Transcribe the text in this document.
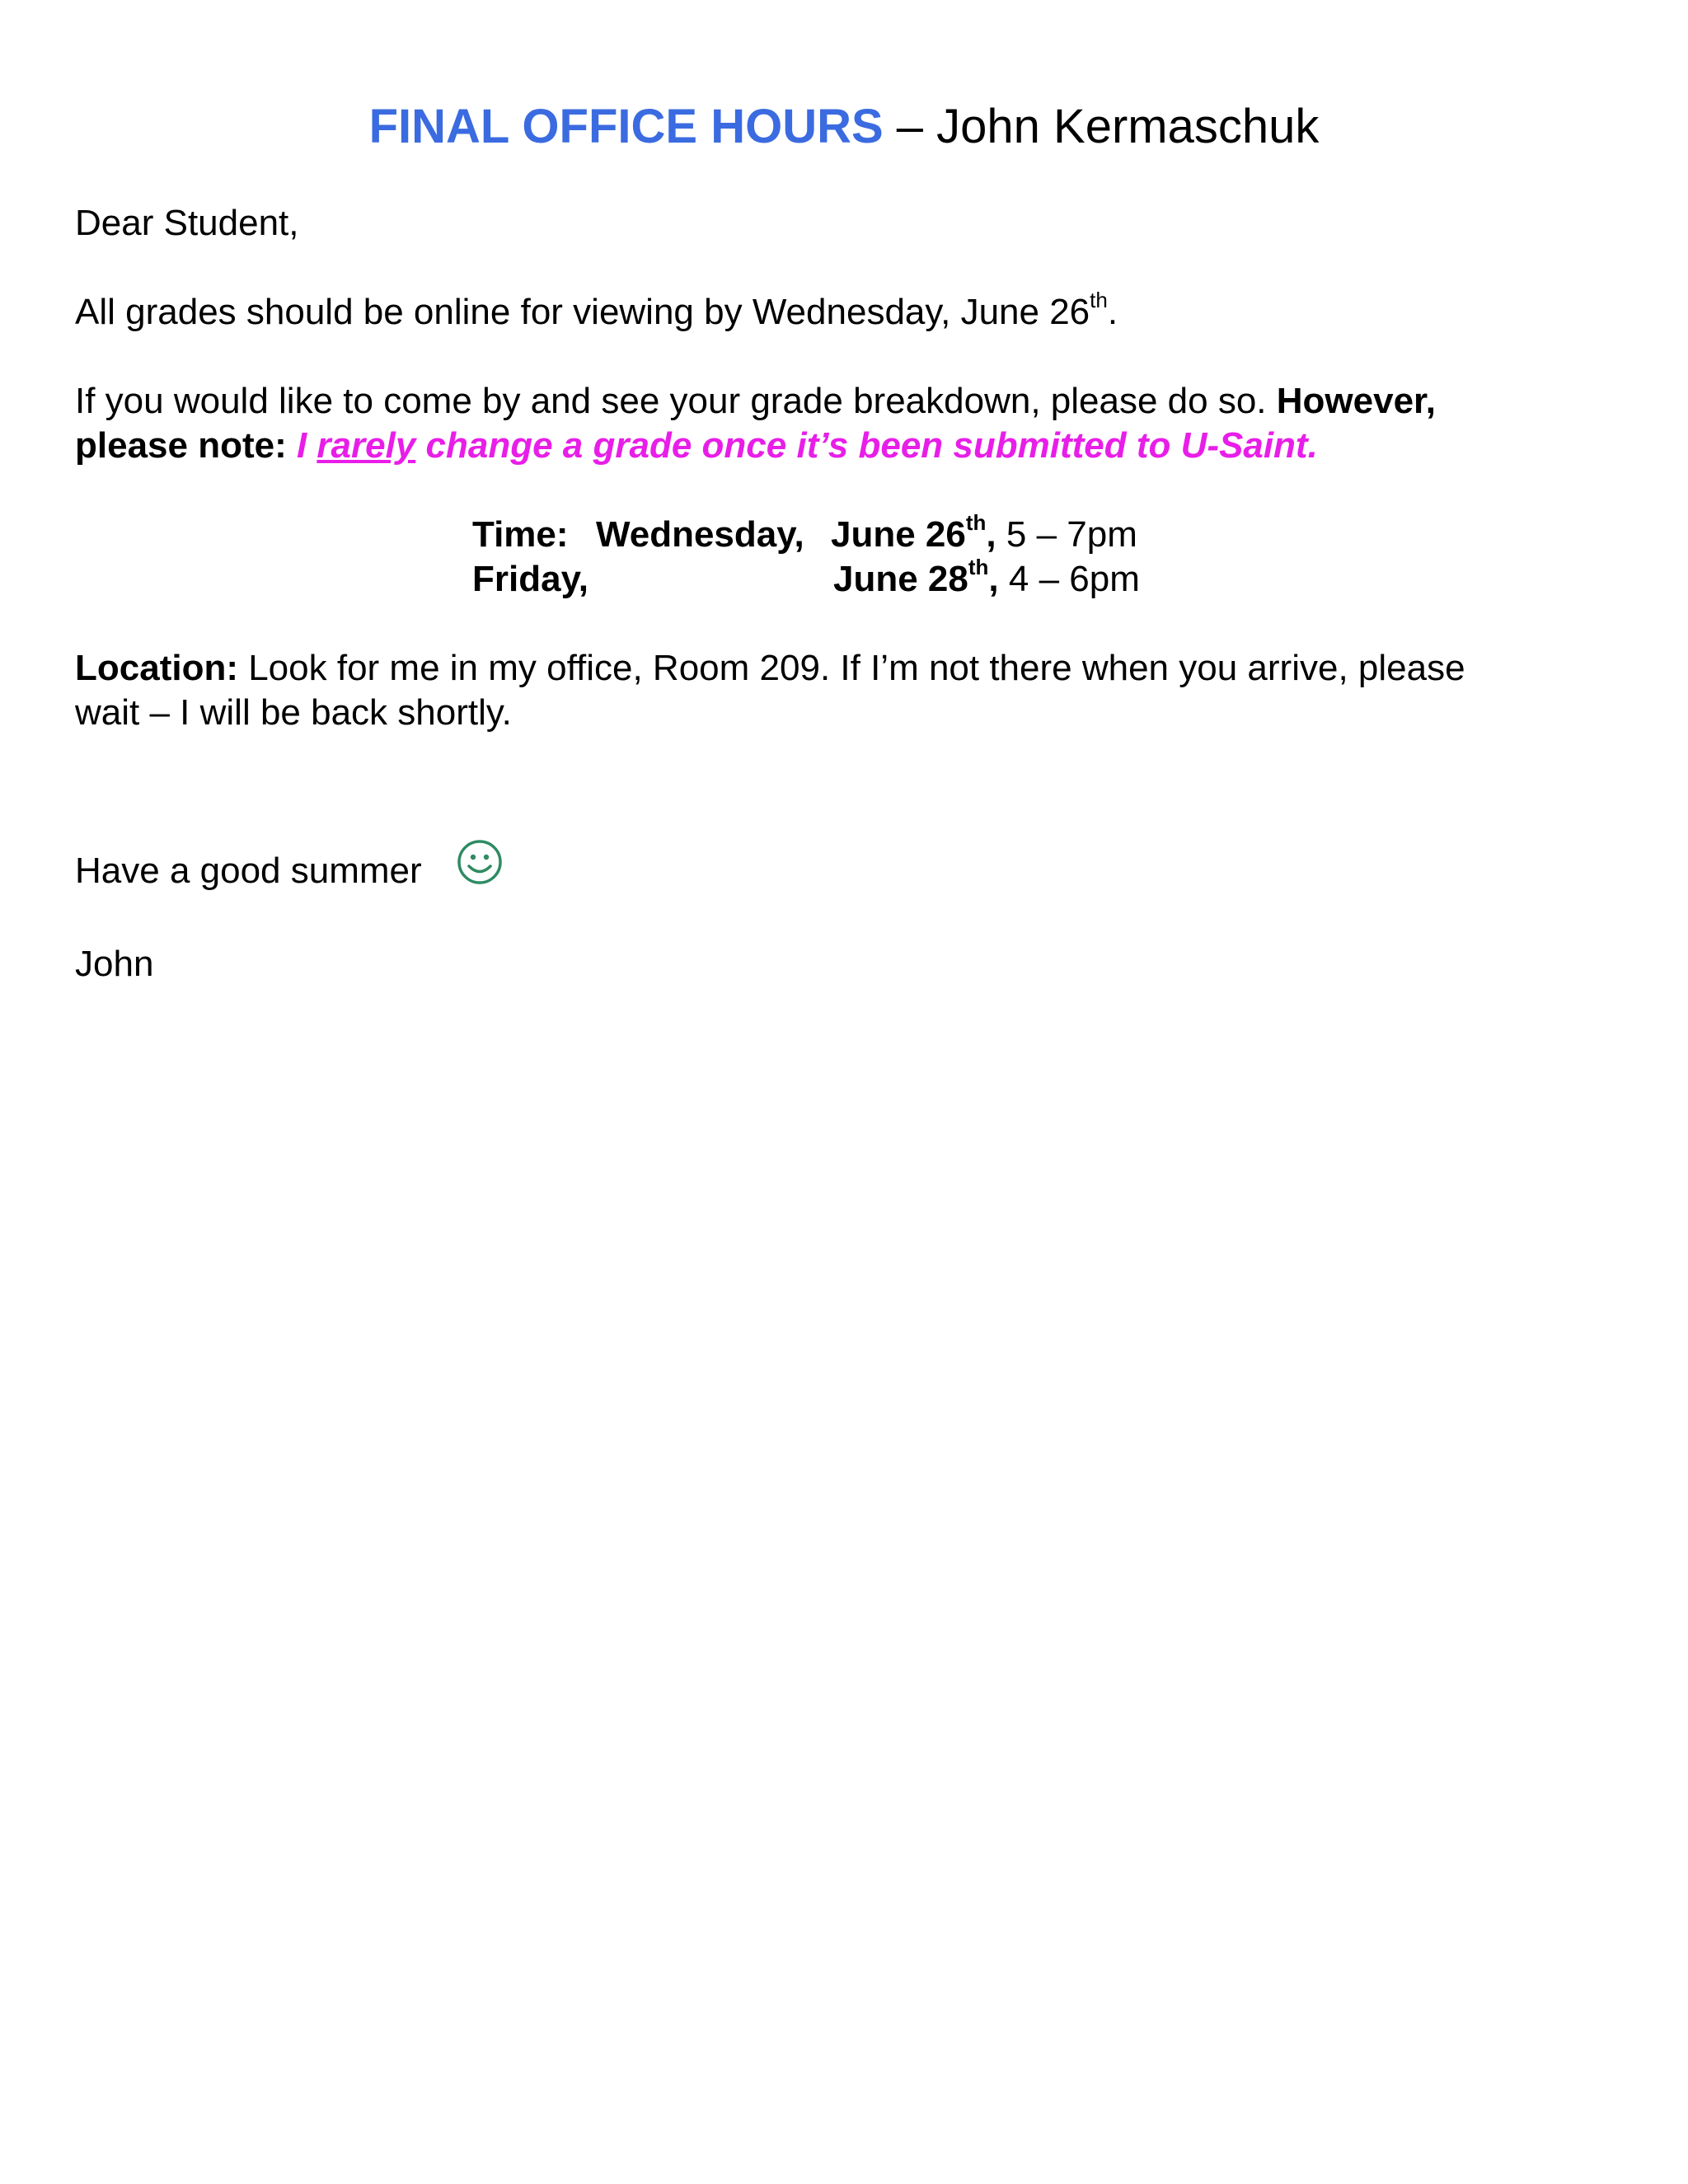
FINAL OFFICE HOURS – John Kermaschuk
Dear Student,
All grades should be online for viewing by Wednesday, June 26th.
If you would like to come by and see your grade breakdown, please do so. However,
please note: I rarely change a grade once it’s been submitted to U-Saint.
Time: Wednesday, June 26th, 5 – 7pm
Friday,	June 28th, 4 – 6pm
Location: Look for me in my office, Room 209. If I’m not there when you arrive, please
wait – I will be back shortly.
Have a good summer
John
